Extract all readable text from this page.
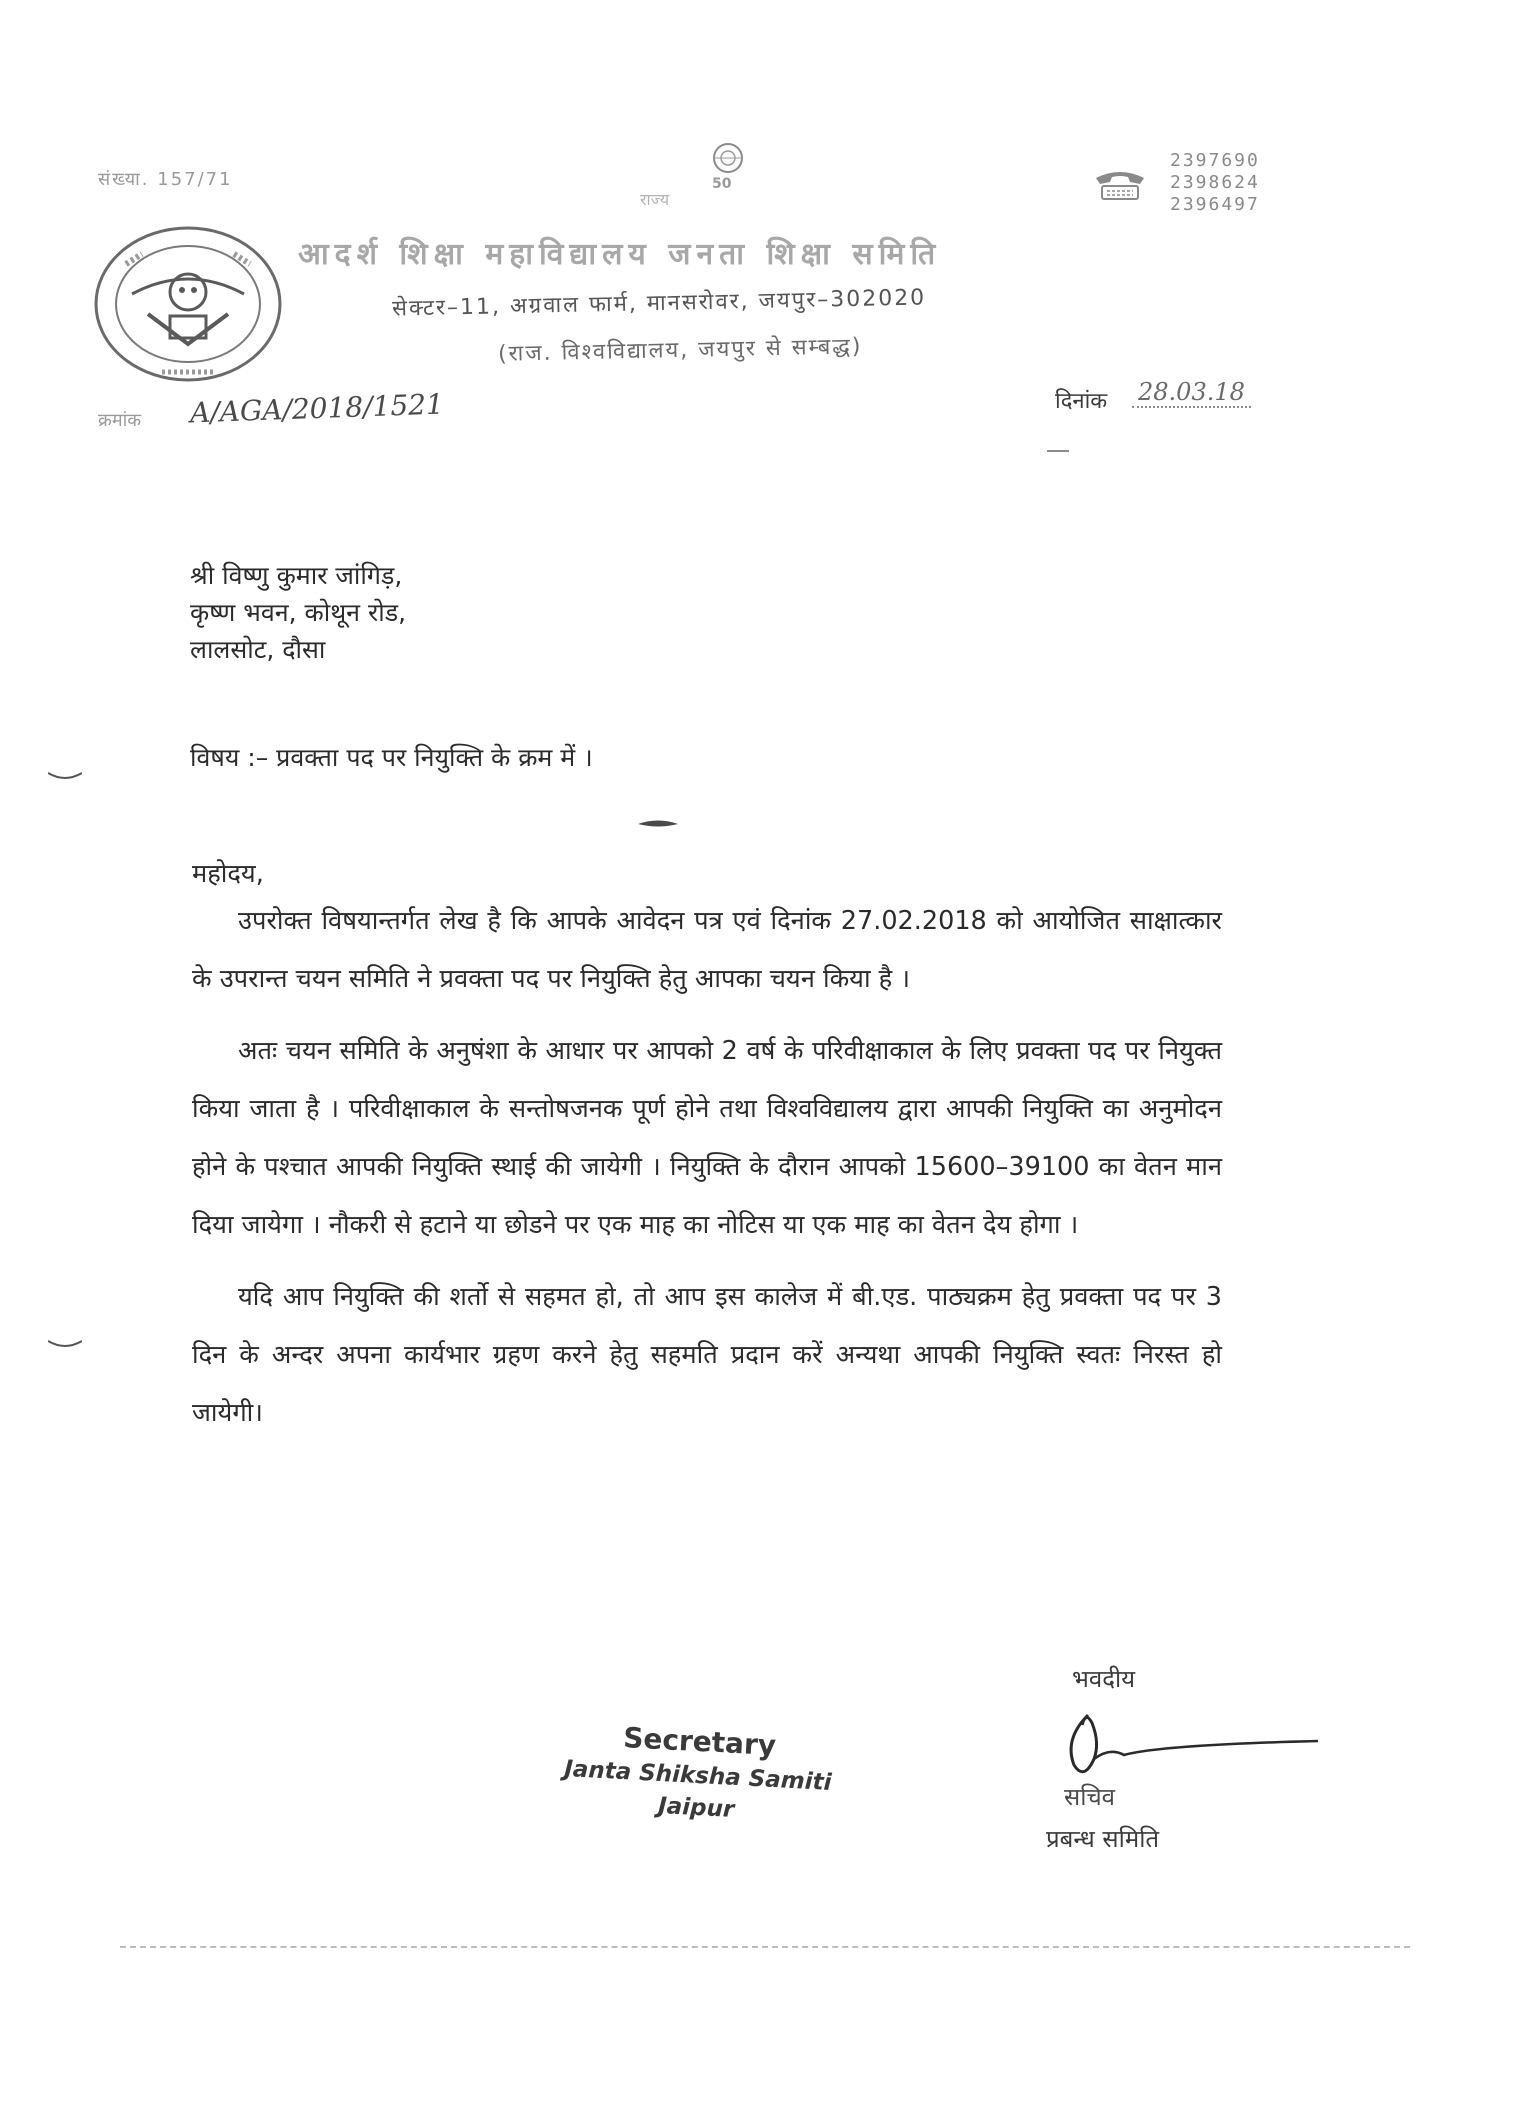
संख्या. 157/71	50
राज्य
2397690
2398624
2396497
आदर्श शिक्षा महाविद्यालय जनता शिक्षा समिति
सेक्टर–11, अग्रवाल फार्म, मानसरोवर, जयपुर–302020
(राज. विश्वविद्यालय, जयपुर से सम्बद्ध)
क्रमांक A/AGA/2018/1521	दिनांक 28.03.18
श्री विष्णु कुमार जांगिड़,
कृष्ण भवन, कोथून रोड,
लालसोट, दौसा
विषय :– प्रवक्ता पद पर नियुक्ति के क्रम में ।

महोदय,

उपरोक्त विषयान्तर्गत लेख है कि आपके आवेदन पत्र एवं दिनांक 27.02.2018 को आयोजित साक्षात्कार के उपरान्त चयन समिति ने प्रवक्ता पद पर नियुक्ति हेतु आपका चयन किया है ।

अतः चयन समिति के अनुषंशा के आधार पर आपको 2 वर्ष के परिवीक्षाकाल के लिए प्रवक्ता पद पर नियुक्त किया जाता है । परिवीक्षाकाल के सन्तोषजनक पूर्ण होने तथा विश्वविद्यालय द्वारा आपकी नियुक्ति का अनुमोदन होने के पश्चात आपकी नियुक्ति स्थाई की जायेगी । नियुक्ति के दौरान आपको 15600–39100 का वेतन मान दिया जायेगा । नौकरी से हटाने या छोडने पर एक माह का नोटिस या एक माह का वेतन देय होगा ।

यदि आप नियुक्ति की शर्तो से सहमत हो, तो आप इस कालेज में बी.एड. पाठ्यक्रम हेतु प्रवक्ता पद पर 3 दिन के अन्दर अपना कार्यभार ग्रहण करने हेतु सहमति प्रदान करें अन्यथा आपकी नियुक्ति स्वतः निरस्त हो जायेगी।

Secretary
Janta Shiksha Samiti
Jaipur
भवदीय
सचिव
प्रबन्ध समिति
